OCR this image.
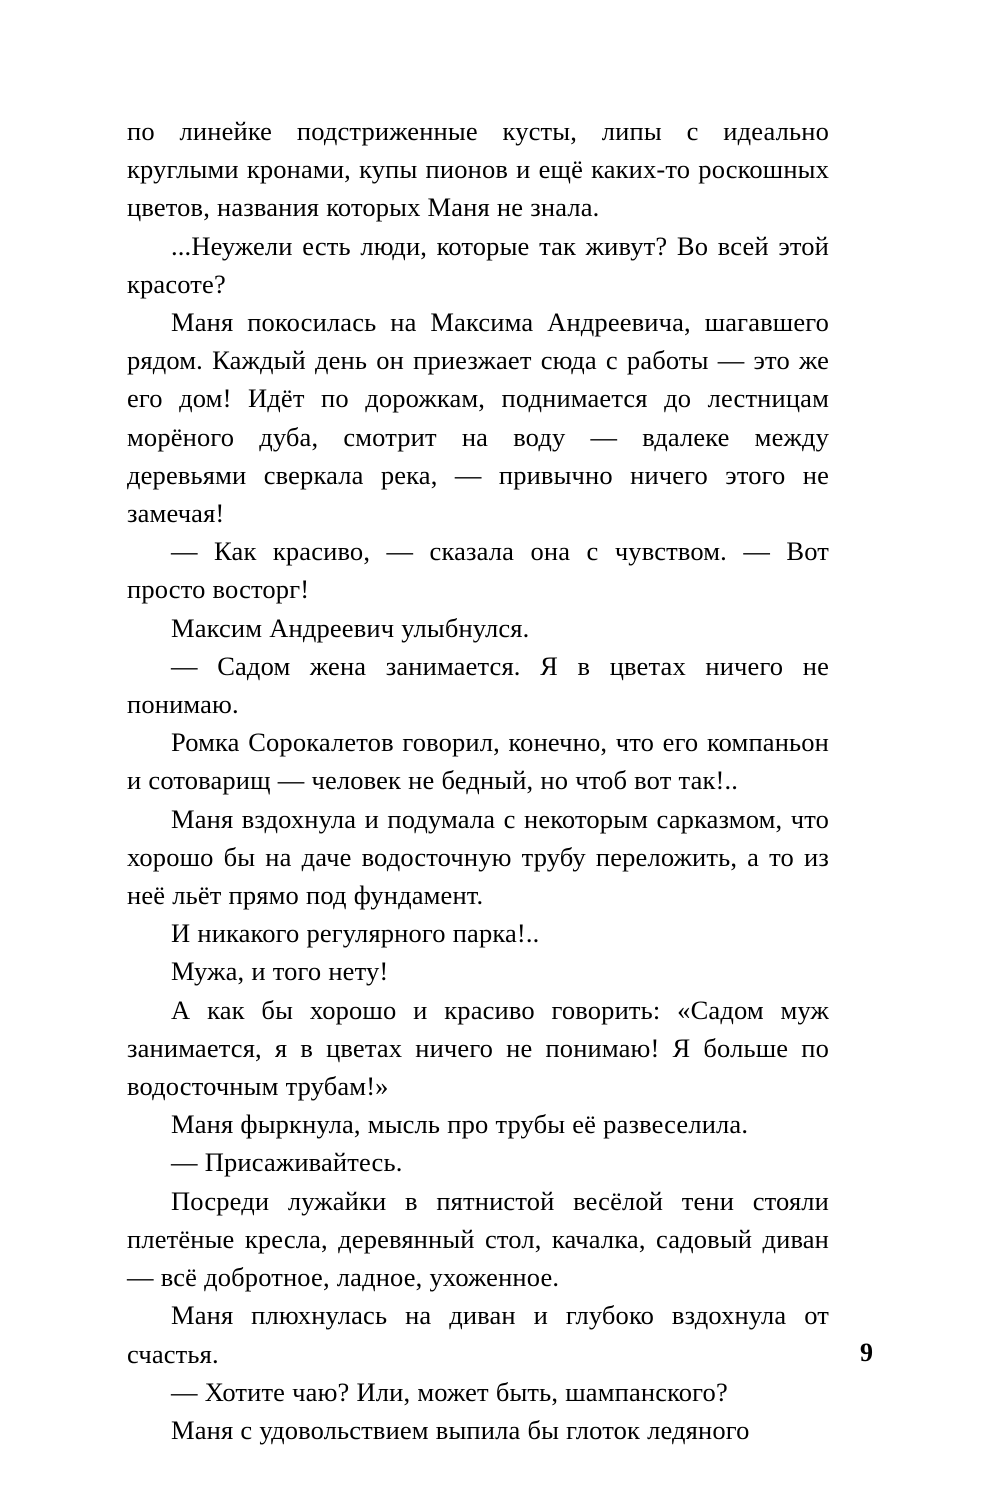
по линейке подстриженные кусты, липы с идеально круглыми кронами, купы пионов и ещё каких-то роскошных цветов, названия которых Маня не знала.

...Неужели есть люди, которые так живут? Во всей этой красоте?

Маня покосилась на Максима Андреевича, шагавшего рядом. Каждый день он приезжает сюда с работы — это же его дом! Идёт по дорожкам, поднимается до лестницам морёного дуба, смотрит на воду — вдалеке между деревьями сверкала река, — привычно ничего этого не замечая!

— Как красиво, — сказала она с чувством. — Вот просто восторг!

Максим Андреевич улыбнулся.

— Садом жена занимается. Я в цветах ничего не понимаю.

Ромка Сорокалетов говорил, конечно, что его компаньон и сотоварищ — человек не бедный, но чтоб вот так!..

Маня вздохнула и подумала с некоторым сарказмом, что хорошо бы на даче водосточную трубу переложить, а то из неё льёт прямо под фундамент.

И никакого регулярного парка!..

Мужа, и того нету!

А как бы хорошо и красиво говорить: «Садом муж занимается, я в цветах ничего не понимаю! Я больше по водосточным трубам!»

Маня фыркнула, мысль про трубы её развеселила.

— Присаживайтесь.

Посреди лужайки в пятнистой весёлой тени стояли плетёные кресла, деревянный стол, качалка, садовый диван — всё добротное, ладное, ухоженное.

Маня плюхнулась на диван и глубоко вздохнула от счастья.

— Хотите чаю? Или, может быть, шампанского?

Маня с удовольствием выпила бы глоток ледяного

9
